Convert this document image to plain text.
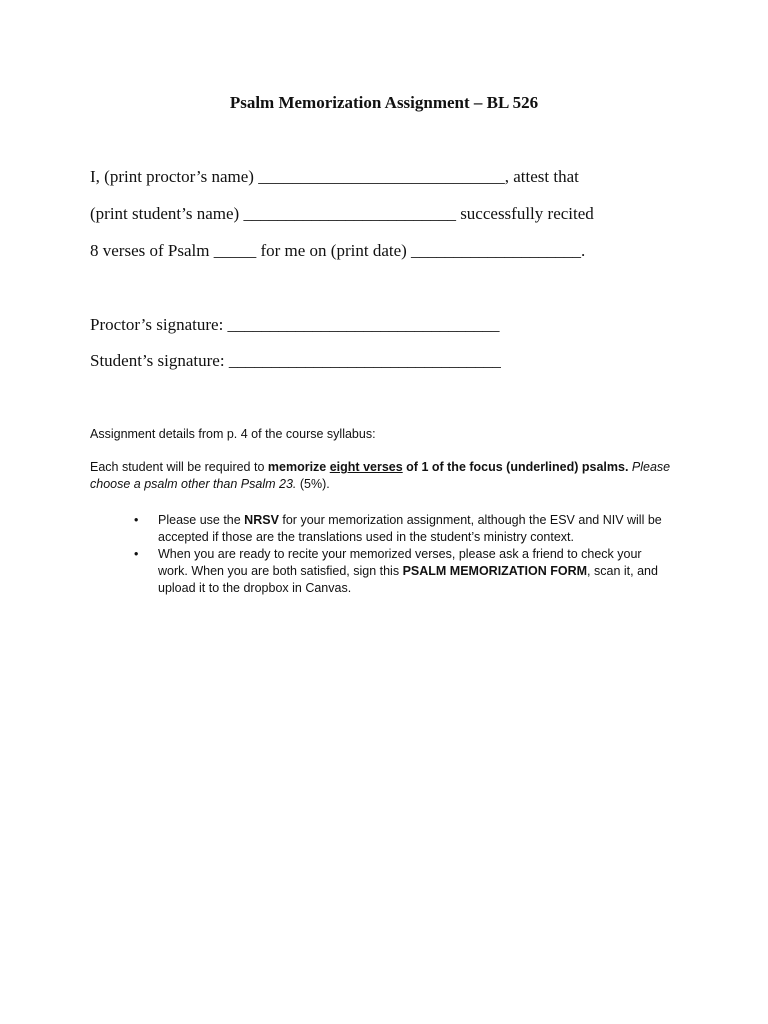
Psalm Memorization Assignment – BL 526
I, (print proctor’s name) _____________________________, attest that
(print student’s name) _________________________ successfully recited
8 verses of Psalm _____ for me on (print date) ____________________.
Proctor’s signature: ________________________________
Student’s signature: ________________________________
Assignment details from p. 4 of the course syllabus:
Each student will be required to memorize eight verses of 1 of the focus (underlined) psalms. Please choose a psalm other than Psalm 23. (5%).
• Please use the NRSV for your memorization assignment, although the ESV and NIV will be accepted if those are the translations used in the student’s ministry context.
• When you are ready to recite your memorized verses, please ask a friend to check your work. When you are both satisfied, sign this PSALM MEMORIZATION FORM, scan it, and upload it to the dropbox in Canvas.
